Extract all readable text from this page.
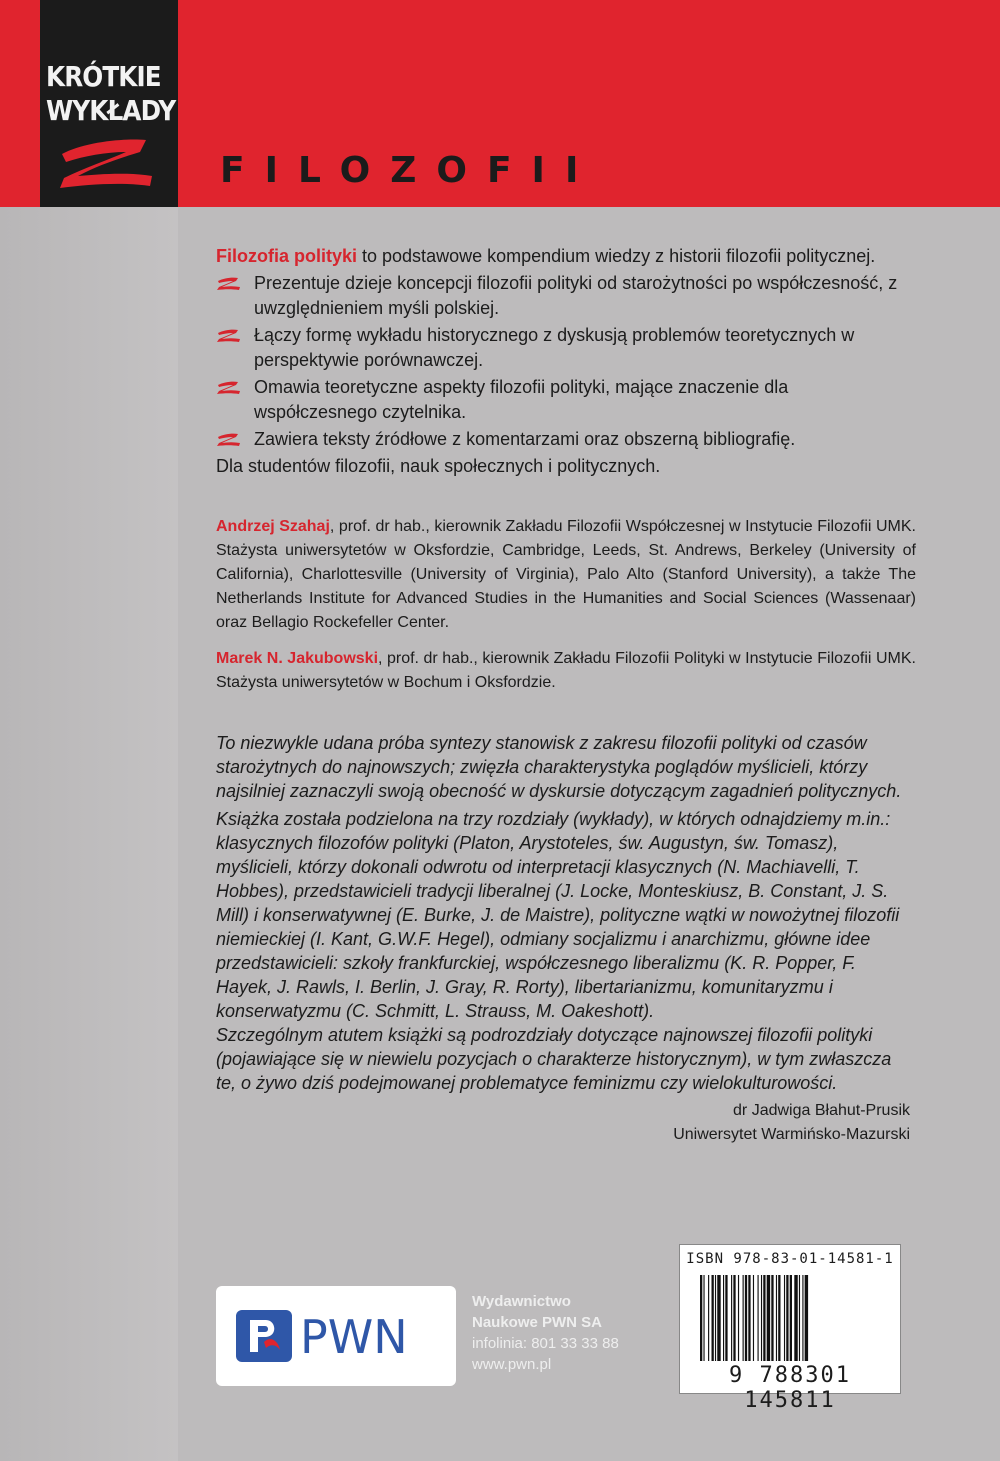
KRÓTKIE
WYKŁADY
FILOZOFII

Filozofia polityki to podstawowe kompendium wiedzy z historii filozofii politycznej.

Prezentuje dzieje koncepcji filozofii polityki od starożytności po współczesność, z uwzględnieniem myśli polskiej.
Łączy formę wykładu historycznego z dyskusją problemów teoretycznych w perspektywie porównawczej.
Omawia teoretyczne aspekty filozofii polityki, mające znaczenie dla współczesnego czytelnika.
Zawiera teksty źródłowe z komentarzami oraz obszerną bibliografię.

Dla studentów filozofii, nauk społecznych i politycznych.

Andrzej Szahaj, prof. dr hab., kierownik Zakładu Filozofii Współczesnej w Instytucie Filozofii UMK. Stażysta uniwersytetów w Oksfordzie, Cambridge, Leeds, St. Andrews, Berkeley (University of California), Charlottesville (University of Virginia), Palo Alto (Stanford University), a także The Netherlands Institute for Advanced Studies in the Humanities and Social Sciences (Wassenaar) oraz Bellagio Rockefeller Center.

Marek N. Jakubowski, prof. dr hab., kierownik Zakładu Filozofii Polityki w Instytucie Filozofii UMK. Stażysta uniwersytetów w Bochum i Oksfordzie.

To niezwykle udana próba syntezy stanowisk z zakresu filozofii polityki od czasów starożytnych do najnowszych; zwięzła charakterystyka poglądów myślicieli, którzy najsilniej zaznaczyli swoją obecność w dyskursie dotyczącym zagadnień politycznych.

Książka została podzielona na trzy rozdziały (wykłady), w których odnajdziemy m.in.: klasycznych filozofów polityki (Platon, Arystoteles, św. Augustyn, św. Tomasz), myślicieli, którzy dokonali odwrotu od interpretacji klasycznych (N. Machiavelli, T. Hobbes), przedstawicieli tradycji liberalnej (J. Locke, Monteskiusz, B. Constant, J. S. Mill) i konserwatywnej (E. Burke, J. de Maistre), polityczne wątki w nowożytnej filozofii niemieckiej (I. Kant, G.W.F. Hegel), odmiany socjalizmu i anarchizmu, główne idee przedstawicieli: szkoły frankfurckiej, współczesnego liberalizmu (K. R. Popper, F. Hayek, J. Rawls, I. Berlin, J. Gray, R. Rorty), libertarianizmu, komunitaryzmu i konserwatyzmu (C. Schmitt, L. Strauss, M. Oakeshott).

Szczególnym atutem książki są podrozdziały dotyczące najnowszej filozofii polityki (pojawiające się w niewielu pozycjach o charakterze historycznym), w tym zwłaszcza te, o żywo dziś podejmowanej problematyce feminizmu czy wielokulturowości.

dr Jadwiga Błahut-Prusik
Uniwersytet Warmińsko-Mazurski
PWN
Wydawnictwo
Naukowe PWN SA
infolinia: 801 33 33 88
www.pwn.pl
ISBN 978-83-01-14581-1
9 788301 145811
